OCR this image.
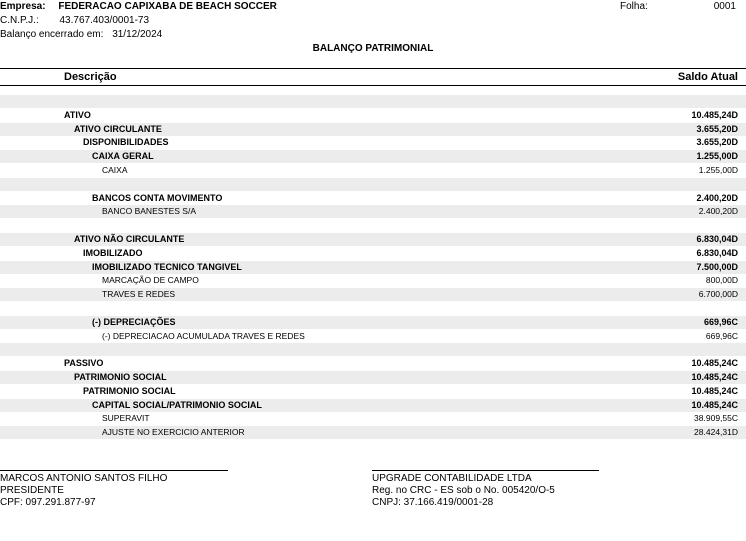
Empresa: FEDERACAO CAPIXABA DE BEACH SOCCER
C.N.P.J.: 43.767.403/0001-73
Balanço encerrado em: 31/12/2024
Folha:	0001
BALANÇO PATRIMONIAL
Descrição	Saldo Atual
ATIVO	10.485,24D
ATIVO CIRCULANTE	3.655,20D
DISPONIBILIDADES	3.655,20D
CAIXA GERAL	1.255,00D
CAIXA	1.255,00D
BANCOS CONTA MOVIMENTO	2.400,20D
BANCO BANESTES S/A	2.400,20D
ATIVO NÃO CIRCULANTE	6.830,04D
IMOBILIZADO	6.830,04D
IMOBILIZADO TECNICO TANGIVEL	7.500,00D
MARCAÇÃO DE CAMPO	800,00D
TRAVES E REDES	6.700,00D
(-) DEPRECIAÇÕES	669,96C
(-) DEPRECIACAO ACUMULADA TRAVES E REDES	669,96C
PASSIVO	10.485,24C
PATRIMONIO SOCIAL	10.485,24C
PATRIMONIO SOCIAL	10.485,24C
CAPITAL SOCIAL/PATRIMONIO SOCIAL	10.485,24C
SUPERAVIT	38.909,55C
AJUSTE NO EXERCICIO ANTERIOR	28.424,31D
MARCOS ANTONIO SANTOS FILHO
PRESIDENTE
CPF: 097.291.877-97
UPGRADE CONTABILIDADE LTDA
Reg. no CRC - ES sob o No. 005420/O-5
CNPJ: 37.166.419/0001-28
